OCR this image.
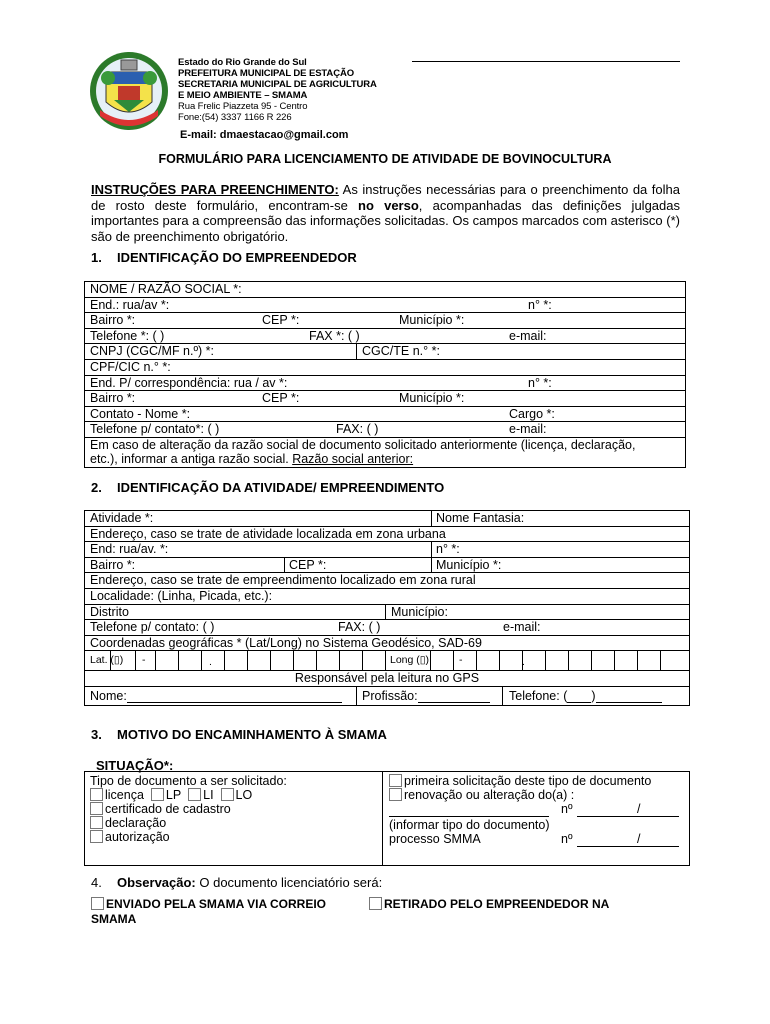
Estado do Rio Grande do Sul
PREFEITURA MUNICIPAL DE ESTAÇÃO
SECRETARIA MUNICIPAL DE AGRICULTURA
E MEIO AMBIENTE – SMAMA
Rua Frelic Piazzeta 95 - Centro
Fone:(54) 3337 1166 R 226
E-mail: dmaestacao@gmail.com
FORMULÁRIO PARA LICENCIAMENTO DE ATIVIDADE DE BOVINOCULTURA
INSTRUÇÕES PARA PREENCHIMENTO: As instruções necessárias para o preenchimento da folha de rosto deste formulário, encontram-se no verso, acompanhadas das definições julgadas importantes para a compreensão das informações solicitadas. Os campos marcados com asterisco (*) são de preenchimento obrigatório.
1. IDENTIFICAÇÃO DO EMPREENDEDOR
NOME / RAZÃO SOCIAL *:
End.: rua/av *:	n° *:
Bairro *:	CEP *:	Município *:
Telefone *: ( )	FAX *: ( )	e-mail:
CNPJ (CGC/MF n.º) *:	CGC/TE n.° *:
CPF/CIC n.° *:
End. P/ correspondência: rua / av *:	n° *:
Bairro *:	CEP *:	Município *:
Contato - Nome *:	Cargo *:
Telefone p/ contato*: ( )	FAX: ( )	e-mail:
Em caso de alteração da razão social de documento solicitado anteriormente (licença, declaração,
etc.), informar a antiga razão social. Razão social anterior:
2. IDENTIFICAÇÃO DA ATIVIDADE/ EMPREENDIMENTO
Atividade *:	Nome Fantasia:
Endereço, caso se trate de atividade localizada em zona urbana
End: rua/av. *:	n° *:
Bairro *:	CEP *:	Município *:
Endereço, caso se trate de empreendimento localizado em zona rural
Localidade: (Linha, Picada, etc.):
Distrito	Município:
Telefone p/ contato: ( )	FAX: ( )	e-mail:
Coordenadas geográficas * (Lat/Long) no Sistema Geodésico, SAD-69
Lat. (▯) -	.	Long (▯)	-	.
Responsável pela leitura no GPS
Nome:	Profissão:	Telefone: ( )
3. MOTIVO DO ENCAMINHAMENTO À SMAMA
SITUAÇÃO*:
Tipo de documento a ser solicitado:
licença LP LI LO
certificado de cadastro
declaração
autorização
primeira solicitação deste tipo de documento
renovação ou alteração do(a) :
nº	/
(informar tipo do documento)
processo SMMA	nº	/
4. Observação: O documento licenciatório será:
ENVIADO PELA SMAMA VIA CORREIO	RETIRADO PELO EMPREENDEDOR NA
SMAMA
